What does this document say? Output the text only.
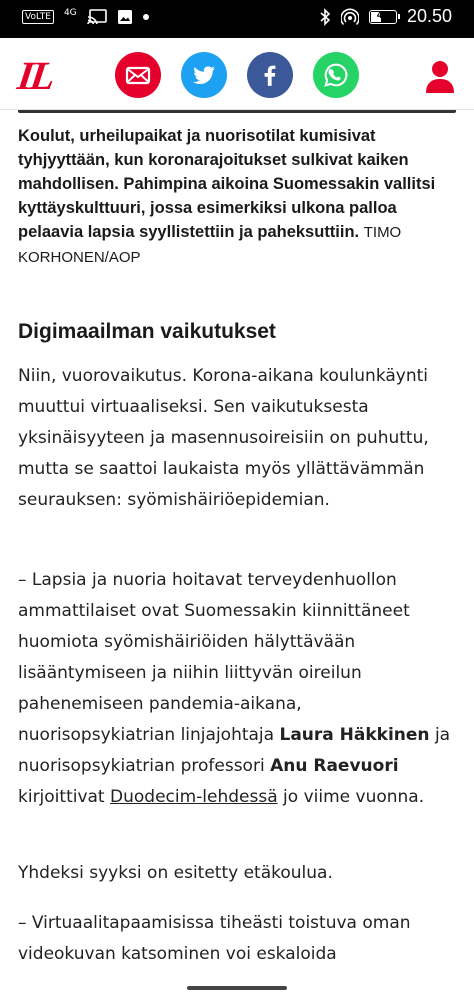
VoLTE	4G	41 20.50
IL

Koulut, urheilupaikat ja nuorisotilat kumisivat tyhjyyttään, kun koronarajoitukset sulkivat kaiken mahdollisen. Pahimpina aikoina Suomessakin vallitsi kyttäyskulttuuri, jossa esimerkiksi ulkona palloa pelaavia lapsia syyllistettiin ja paheksuttiin. TIMO KORHONEN/AOP

Digimaailman vaikutukset

Niin, vuorovaikutus. Korona-aikana koulunkäynti muuttui virtuaaliseksi. Sen vaikutuksesta yksinäisyyteen ja masennusoireisiin on puhuttu, mutta se saattoi laukaista myös yllättävämmän seurauksen: syömishäiriöepidemian.

– Lapsia ja nuoria hoitavat terveydenhuollon ammattilaiset ovat Suomessakin kiinnittäneet huomiota syömishäiriöiden hälyttävään lisääntymiseen ja niihin liittyvän oireilun pahenemiseen pandemia-aikana, nuorisopsykiatrian linjajohtaja Laura Häkkinen ja nuorisopsykiatrian professori Anu Raevuori kirjoittivat Duodecim-lehdessä jo viime vuonna.

Yhdeksi syyksi on esitetty etäkoulua.

– Virtuaalitapaamisissa tiheästi toistuva oman videokuvan katsominen voi eskaloida
